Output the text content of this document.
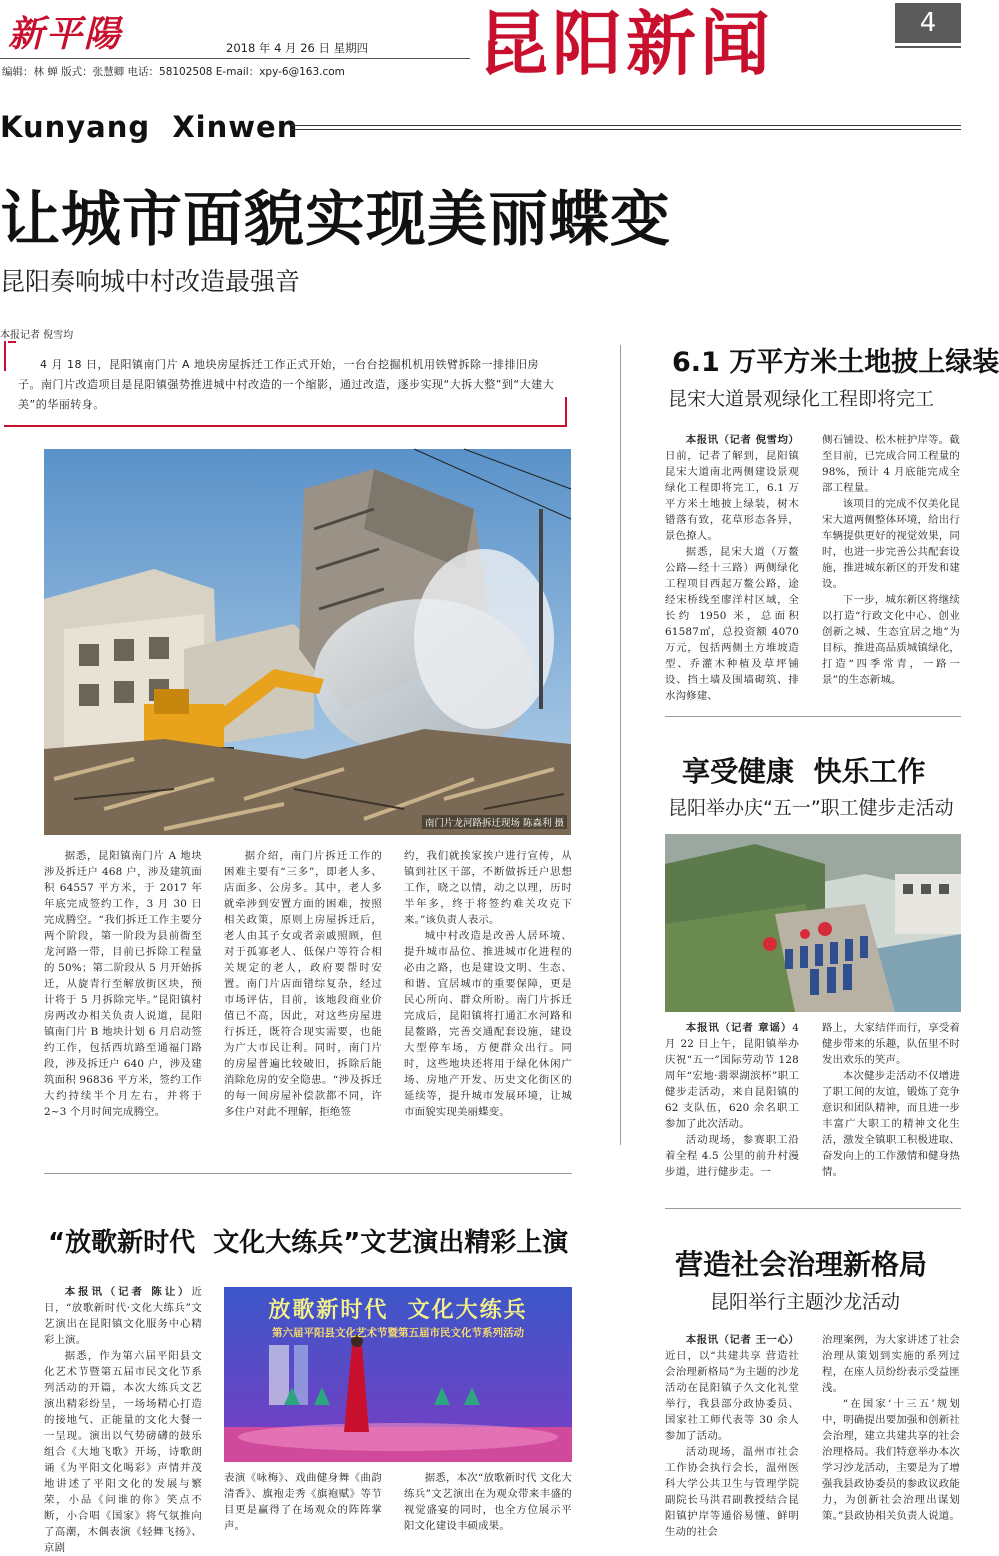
新平陽	2018 年 4 月 26 日 星期四
编辑：林 蝉 版式：张慧卿 电话：58102508 E-mail：xpy-6@163.com 昆阳新闻	4
Kunyang  Xinwen
让城市面貌实现美丽蝶变
昆阳奏响城中村改造最强音
本报记者 倪雪均
4 月 18 日，昆阳镇南门片 A 地块房屋拆迁工作正式开始，一台台挖掘机机用铁臂拆除一排排旧房子。南门片改造项目是昆阳镇强势推进城中村改造的一个缩影，通过改造，逐步实现“大拆大整”到“大建大美”的华丽转身。
南门片龙河路拆迁现场 陈森利 摄

据悉，昆阳镇南门片 A 地块涉及拆迁户 468 户，涉及建筑面积 64557 平方米，于 2017 年年底完成签约工作，3 月 30 日完成腾空。“我们拆迁工作主要分两个阶段，第一阶段为县前衙至龙河路一带，目前已拆除工程量的 50%；第二阶段从 5 月开始拆迁，从旋青行至解放街区块，预计将于 5 月拆除完毕。”昆阳镇村房两改办相关负责人说道，昆阳镇南门片 B 地块计划 6 月启动签约工作，包括西坑路至通福门路段，涉及拆迁户 640 户，涉及建筑面积 96836 平方米，签约工作大约持续半个月左右，并将于 2~3 个月时间完成腾空。

据介绍，南门片拆迁工作的困难主要有“三多”，即老人多、店面多、公房多。其中，老人多就牵涉到安置方面的困难，按照相关政策，原则上房屋拆迁后，老人由其子女或者亲戚照顾，但对于孤寡老人、低保户等符合相关规定的老人，政府要帮时安置。南门片店面错综复杂，经过市场评估，目前，该地段商业价值已不高，因此，对这些房屋进行拆迁，既符合现实需要，也能为广大市民让利。同时，南门片的房屋普遍比较破旧，拆除后能消除危房的安全隐患。“涉及拆迁的每一间房屋补偿款都不同，许多住户对此不理解，拒绝签

约，我们就挨家挨户进行宣传，从镇到社区干部，不断做拆迁户思想工作，晓之以情，动之以理，历时半年多，终于将签约难关攻克下来。”该负责人表示。

城中村改造是改善人居环境、提升城市品位、推进城市化进程的必由之路，也是建设文明、生态、和谐、宜居城市的重要保障，更是民心所向、群众所盼。南门片拆迁完成后，昆阳镇将打通汇水河路和昆鳌路，完善交通配套设施，建设大型停车场，方便群众出行。同时，这些地块还将用于绿化休闲广场、房地产开发、历史文化街区的延续等，提升城市发展环境，让城市面貌实现美丽蝶变。

6.1 万平方米土地披上绿装
昆宋大道景观绿化工程即将完工

本报讯（记者 倪雪均）日前，记者了解到，昆阳镇昆宋大道南北两侧建设景观绿化工程即将完工，6.1 万平方米土地披上绿装，树木错落有致，花草形态各异，景色撩人。

据悉，昆宋大道（万鳌公路—经十三路）两侧绿化工程项目西起万鳌公路，途经宋桥线至廖洋村区域，全长约 1950 米，总面积 61587㎡，总投资额 4070 万元，包括两侧土方堆坡造型、乔灌木种植及草坪铺设、挡土墙及围墙砌筑、排水沟修建、

侧石铺设、松木桩护岸等。截至目前，已完成合同工程量的 98%，预计 4 月底能完成全部工程量。

该项目的完成不仅美化昆宋大道两侧整体环境，给出行车辆提供更好的视觉效果，同时，也进一步完善公共配套设施，推进城东新区的开发和建设。

下一步，城东新区将继续以打造“行政文化中心、创业创新之城、生态宜居之地”为目标，推进高品质城镇绿化，打造“四季常青，一路一景”的生态新城。

享受健康  快乐工作
昆阳举办庆“五一”职工健步走活动

本报讯（记者 章谣）4 月 22 日上午，昆阳镇举办庆祝“五一”国际劳动节 128 周年“宏地·翡翠湖滨杯”职工健步走活动，来自昆阳镇的 62 支队伍，620 余名职工参加了此次活动。

活动现场，参赛职工沿着全程 4.5 公里的前升村漫步道，进行健步走。一

路上，大家结伴而行，享受着健步带来的乐趣，队伍里不时发出欢乐的笑声。

本次健步走活动不仅增进了职工间的友谊，锻炼了竞争意识和团队精神，而且进一步丰富广大职工的精神文化生活，激发全镇职工积极进取、奋发向上的工作激情和健身热情。

“放歌新时代  文化大练兵”文艺演出精彩上演

本报讯（记者 陈让）近日，“放歌新时代·文化大练兵”文艺演出在昆阳镇文化服务中心精彩上演。

据悉，作为第六届平阳县文化艺术节暨第五届市民文化节系列活动的开篇，本次大练兵文艺演出精彩纷呈，一场场精心打造的接地气、正能量的文化大餐一一呈现。演出以气势磅礴的鼓乐组合《大地飞歌》开场，诗歌朗诵《为平阳文化喝彩》声情并茂地讲述了平阳文化的发展与繁荣，小品《问谁的你》笑点不断，小合唱《国家》将气氛推向了高潮，木偶表演《轻舞飞扬》、京剧

放歌新时代  文化大练兵
第六届平阳县文化艺术节暨第五届市民文化节系列活动

表演《咏梅》、戏曲健身舞《曲韵清香》、旗袍走秀《旗袍赋》等节目更是赢得了在场观众的阵阵掌声。

据悉，本次“放歌新时代 文化大练兵”文艺演出在为观众带来丰盛的视觉盛宴的同时，也全方位展示平阳文化建设丰硕成果。

营造社会治理新格局
昆阳举行主题沙龙活动

本报讯（记者 王一心）近日，以“共建共享 营造社会治理新格局”为主题的沙龙活动在昆阳镇子久文化礼堂举行，我县部分政协委员、国家社工师代表等 30 余人参加了活动。

活动现场，温州市社会工作协会执行会长，温州医科大学公共卫生与管理学院副院长马洪君副教授结合昆阳镇护岸等通俗易懂、鲜明生动的社会

治理案例，为大家讲述了社会治理从策划到实施的系列过程，在座人员纷纷表示受益匪浅。

“在国家‘十三五’规划中，明确提出要加强和创新社会治理，建立共建共享的社会治理格局。我们特意举办本次学习沙龙活动，主要是为了增强我县政协委员的参政议政能力，为创新社会治理出谋划策。”县政协相关负责人说道。
